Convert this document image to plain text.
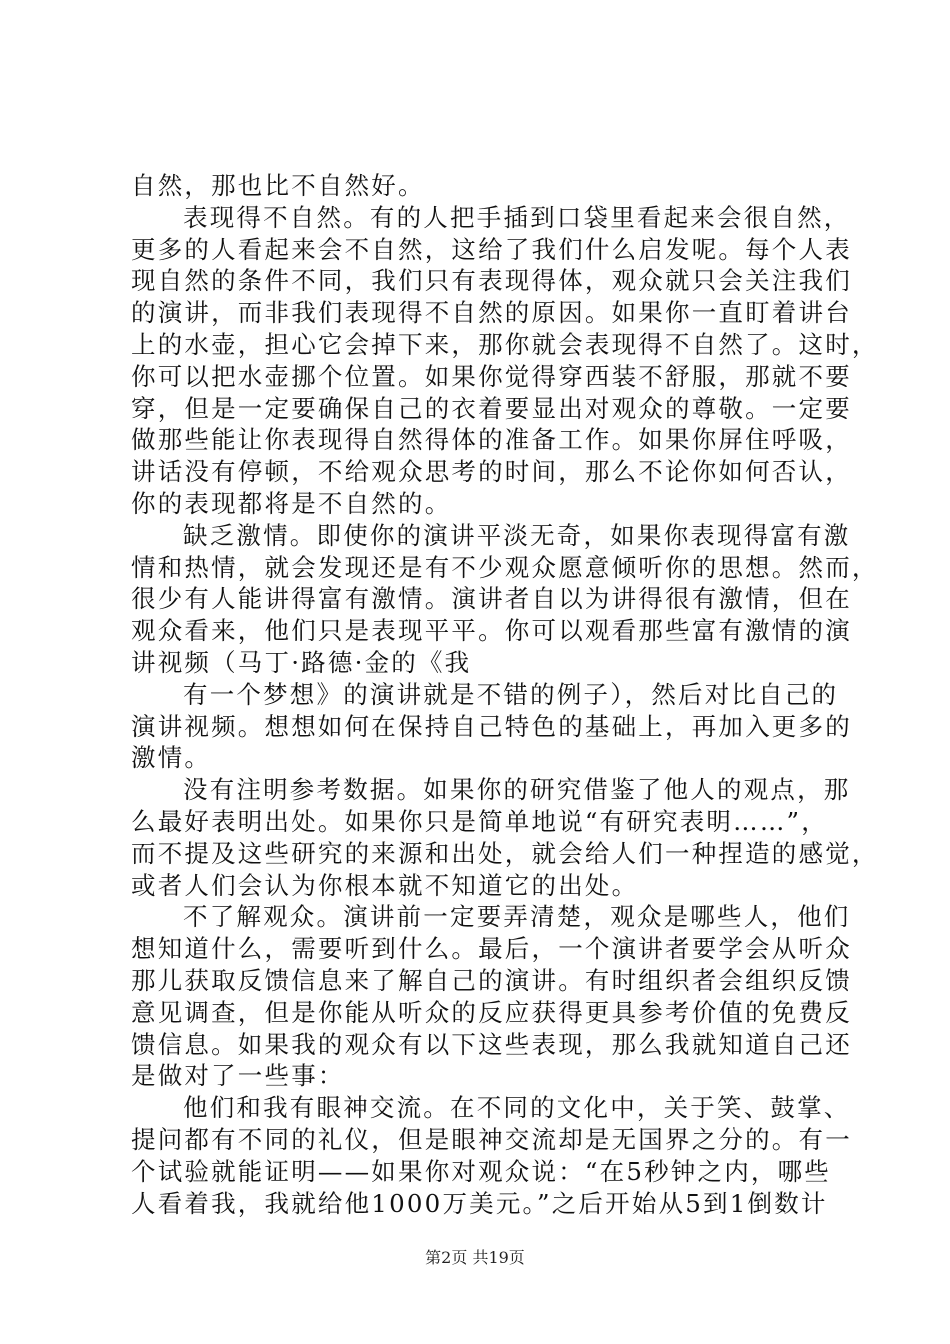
自然，那也比不自然好。
表现得不自然。有的人把手插到口袋里看起来会很自然，
更多的人看起来会不自然，这给了我们什么启发呢。每个人表
现自然的条件不同，我们只有表现得体，观众就只会关注我们
的演讲，而非我们表现得不自然的原因。如果你一直盯着讲台
上的水壶，担心它会掉下来，那你就会表现得不自然了。这时，
你可以把水壶挪个位置。如果你觉得穿西装不舒服，那就不要
穿，但是一定要确保自己的衣着要显出对观众的尊敬。一定要
做那些能让你表现得自然得体的准备工作。如果你屏住呼吸，
讲话没有停顿，不给观众思考的时间，那么不论你如何否认，
你的表现都将是不自然的。
缺乏激情。即使你的演讲平淡无奇，如果你表现得富有激
情和热情，就会发现还是有不少观众愿意倾听你的思想。然而，
很少有人能讲得富有激情。演讲者自以为讲得很有激情，但在
观众看来，他们只是表现平平。你可以观看那些富有激情的演
讲视频（马丁·路德·金的《我
有一个梦想》的演讲就是不错的例子），然后对比自己的
演讲视频。想想如何在保持自己特色的基础上，再加入更多的
激情。
没有注明参考数据。如果你的研究借鉴了他人的观点，那
么最好表明出处。如果你只是简单地说“有研究表明……”，
而不提及这些研究的来源和出处，就会给人们一种捏造的感觉，
或者人们会认为你根本就不知道它的出处。
不了解观众。演讲前一定要弄清楚，观众是哪些人，他们
想知道什么，需要听到什么。最后，一个演讲者要学会从听众
那儿获取反馈信息来了解自己的演讲。有时组织者会组织反馈
意见调查，但是你能从听众的反应获得更具参考价值的免费反
馈信息。如果我的观众有以下这些表现，那么我就知道自己还
是做对了一些事：
他们和我有眼神交流。在不同的文化中，关于笑、鼓掌、
提问都有不同的礼仪，但是眼神交流却是无国界之分的。有一
个试验就能证明——如果你对观众说：“在5秒钟之内，哪些
人看着我，我就给他1000万美元。”之后开始从5到1倒数计
第2页 共19页
